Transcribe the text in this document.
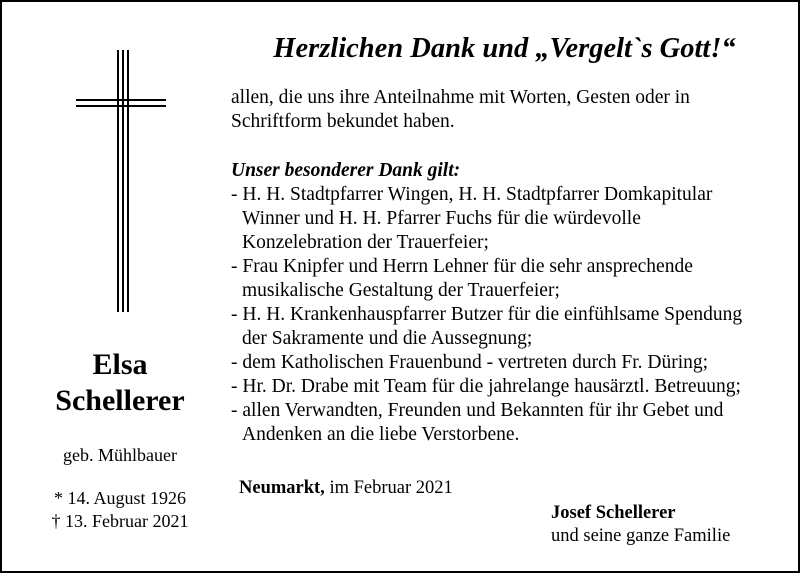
Herzlichen Dank und „Vergelt`s Gott!“
allen, die uns ihre Anteilnahme mit Worten, Gesten oder in
Schriftform bekundet haben.
Unser besonderer Dank gilt:
- H. H. Stadtpfarrer Wingen, H. H. Stadtpfarrer Domkapitular
Winner und H. H. Pfarrer Fuchs für die würdevolle
Konzelebration der Trauerfeier;
- Frau Knipfer und Herrn Lehner für die sehr ansprechende
musikalische Gestaltung der Trauerfeier;
- H. H. Krankenhauspfarrer Butzer für die einfühlsame Spendung
der Sakramente und die Aussegnung;
- dem Katholischen Frauenbund - vertreten durch Fr. Düring;
- Hr. Dr. Drabe mit Team für die jahrelange hausärztl. Betreuung;
- allen Verwandten, Freunden und Bekannten für ihr Gebet und
Andenken an die liebe Verstorbene.
Elsa
Schellerer
geb. Mühlbauer
* 14. August 1926
† 13. Februar 2021
Neumarkt, im Februar 2021
Josef Schellerer
und seine ganze Familie
